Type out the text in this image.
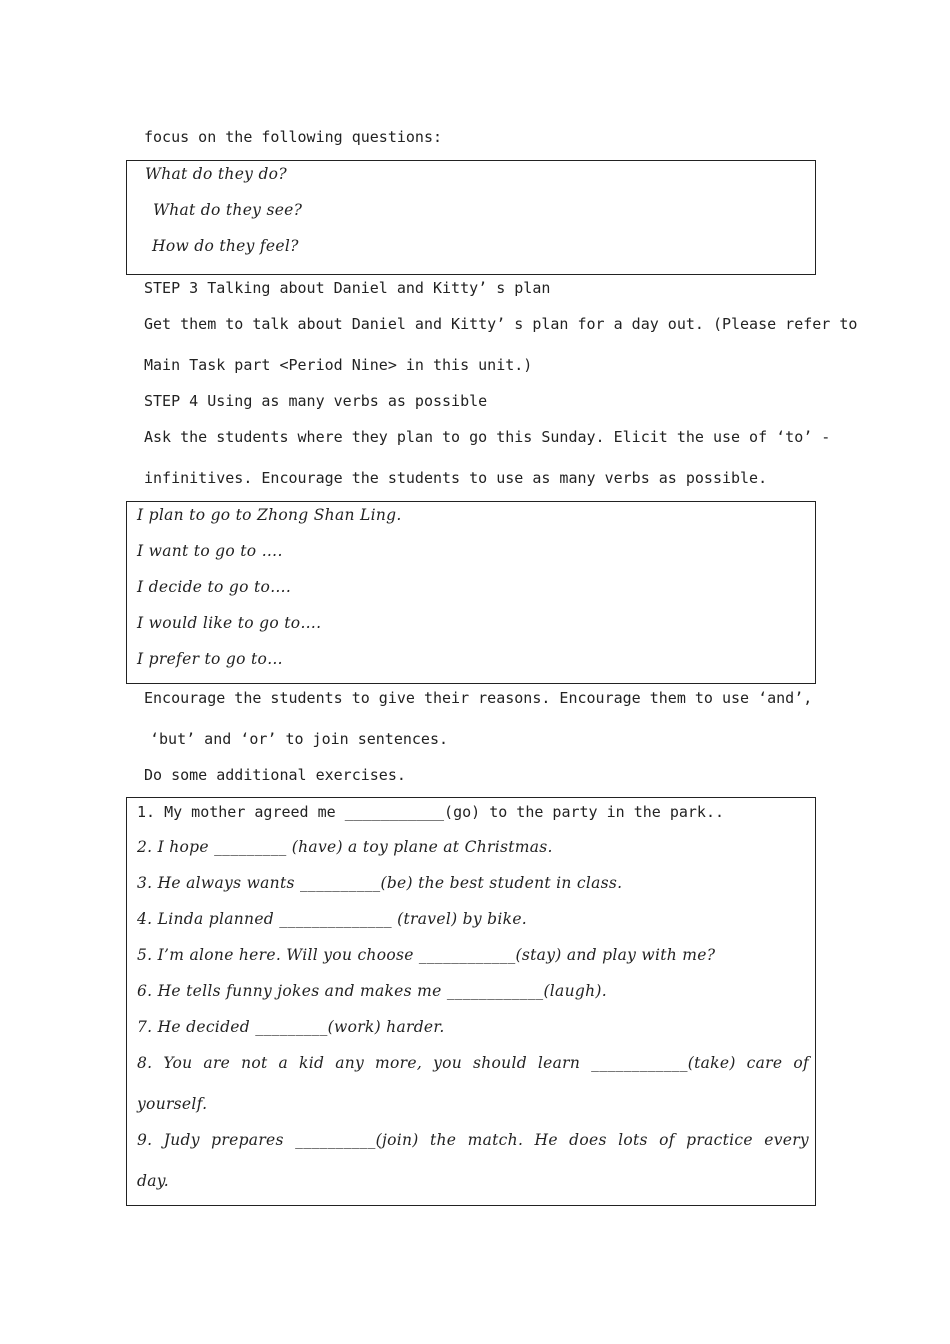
focus on the following questions:
What do they do?
What do they see?
How do they feel?
STEP 3 Talking about Daniel and Kitty’ s plan
Get them to talk about Daniel and Kitty’ s plan for a day out. (Please refer to
Main Task part <Period Nine> in this unit.)
STEP 4 Using as many verbs as possible
Ask the students where they plan to go this Sunday. Elicit the use of ‘to’ -
infinitives. Encourage the students to use as many verbs as possible.
I plan to go to Zhong Shan Ling.
I want to go to ….
I decide to go to….
I would like to go to….
I prefer to go to…
Encourage the students to give their reasons. Encourage them to use ‘and’,
‘but’ and ‘or’ to join sentences.
Do some additional exercises.
1. My mother agreed me ___________(go) to the party in the park..
2. I hope _________ (have) a toy plane at Christmas.
3. He always wants __________(be) the best student in class.
4. Linda planned ______________ (travel) by bike.
5. I’m alone here. Will you choose ____________(stay) and play with me?
6. He tells funny jokes and makes me ____________(laugh).
7. He decided _________(work) harder.
8. You are not a kid any more, you should learn ____________(take) care of
yourself.
9. Judy prepares __________(join) the match. He does lots of practice every
day.
